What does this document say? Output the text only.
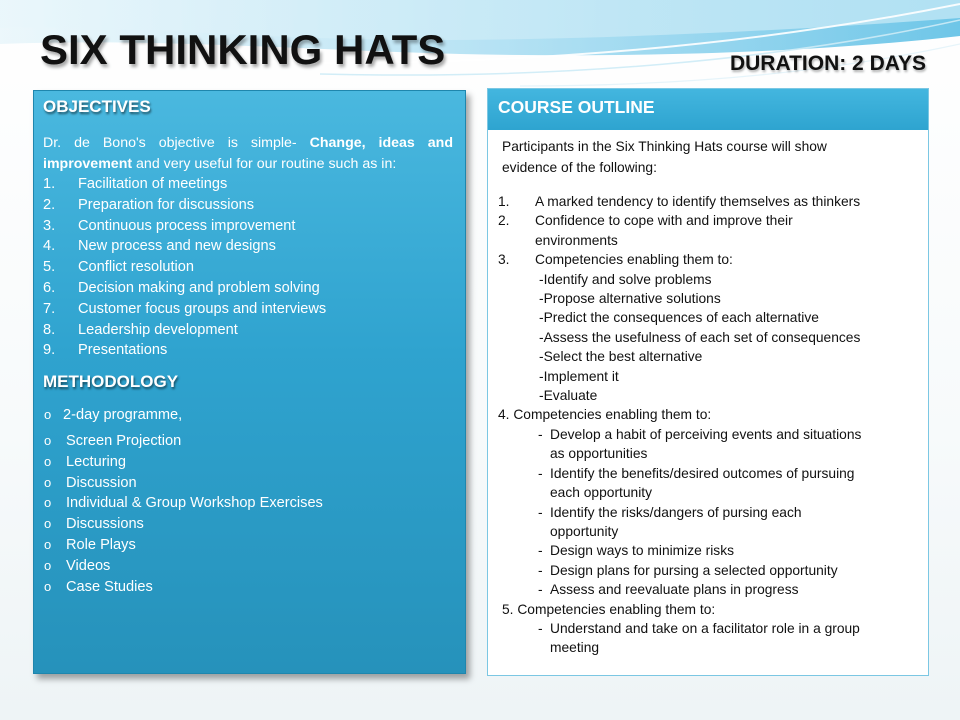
SIX THINKING HATS	DURATION: 2 DAYS
OBJECTIVES

Dr. de Bono's objective is simple- Change, ideas and improvement and very useful for our routine such as in:

1.	Facilitation of meetings
2.	Preparation for discussions
3.	Continuous process improvement
4.	New process and new designs
5.	Conflict resolution
6.	Decision making and problem solving
7.	Customer focus groups and interviews
8.	Leadership development
9.	Presentations
METHODOLOGY
o 2-day programme,
o	Screen Projection
o	Lecturing
o	Discussion
o	Individual & Group Workshop Exercises
o	Discussions
o	Role Plays
o	Videos
o	Case Studies
COURSE OUTLINE
Participants in the Six Thinking Hats course will show
evidence of the following:
1.	A marked tendency to identify themselves as thinkers
2.	Confidence to cope with and improve their
environments
3.	Competencies enabling them to:
-Identify and solve problems
-Propose alternative solutions
-Predict the consequences of each alternative
-Assess the usefulness of each set of consequences
-Select the best alternative
-Implement it
-Evaluate
4. Competencies enabling them to:
- Develop a habit of perceiving events and situations
as opportunities
- Identify the benefits/desired outcomes of pursuing
each opportunity
- Identify the risks/dangers of pursing each
opportunity
- Design ways to minimize risks
- Design plans for pursing a selected opportunity
- Assess and reevaluate plans in progress
5. Competencies enabling them to:
- Understand and take on a facilitator role in a group
meeting
